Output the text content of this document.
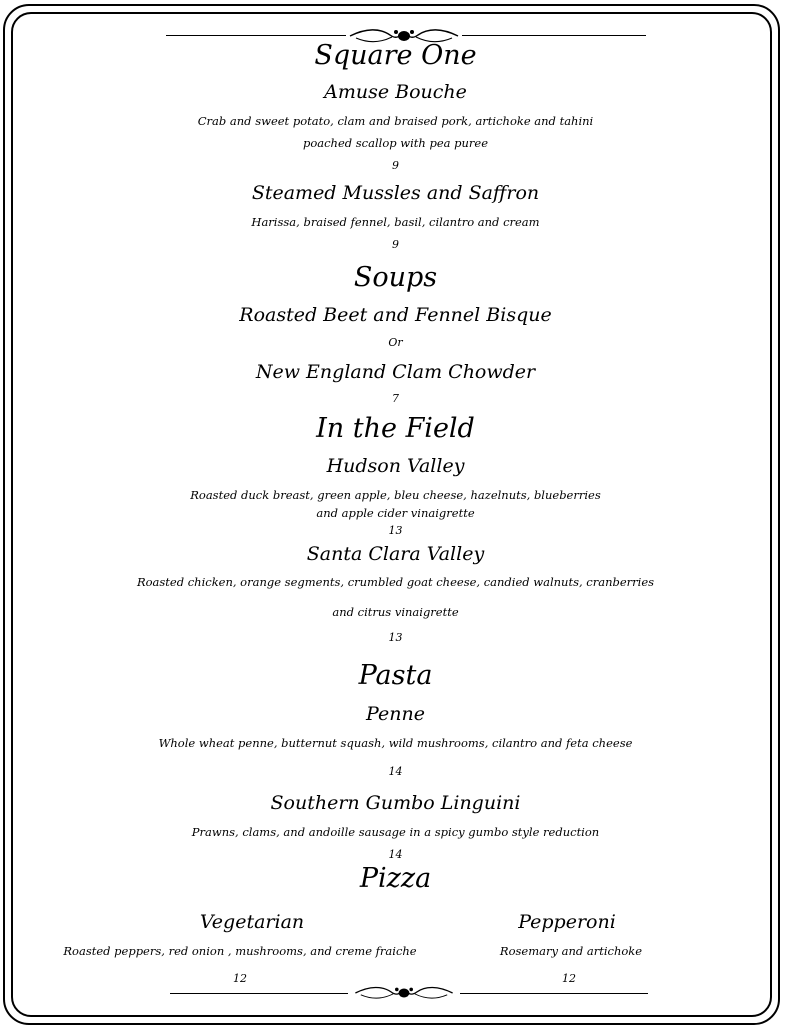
Square One
Amuse Bouche
Crab and sweet potato, clam and braised pork, artichoke and tahini
poached scallop with pea puree
9
Steamed Mussles and Saffron
Harissa, braised fennel, basil, cilantro and cream
9
Soups
Roasted Beet and Fennel Bisque
Or
New England Clam Chowder
7
In the Field
Hudson Valley
Roasted duck breast, green apple, bleu cheese, hazelnuts, blueberries
and apple cider vinaigrette
13
Santa Clara Valley
Roasted chicken, orange segments, crumbled goat cheese, candied walnuts, cranberries
and citrus vinaigrette
13
Pasta
Penne
Whole wheat penne, butternut squash, wild mushrooms, cilantro and feta cheese
14
Southern Gumbo Linguini
Prawns, clams, and andoille sausage in a spicy gumbo style reduction
14
Pizza
Vegetarian
Roasted peppers, red onion , mushrooms, and creme fraiche
12
Pepperoni
Rosemary and artichoke
12
